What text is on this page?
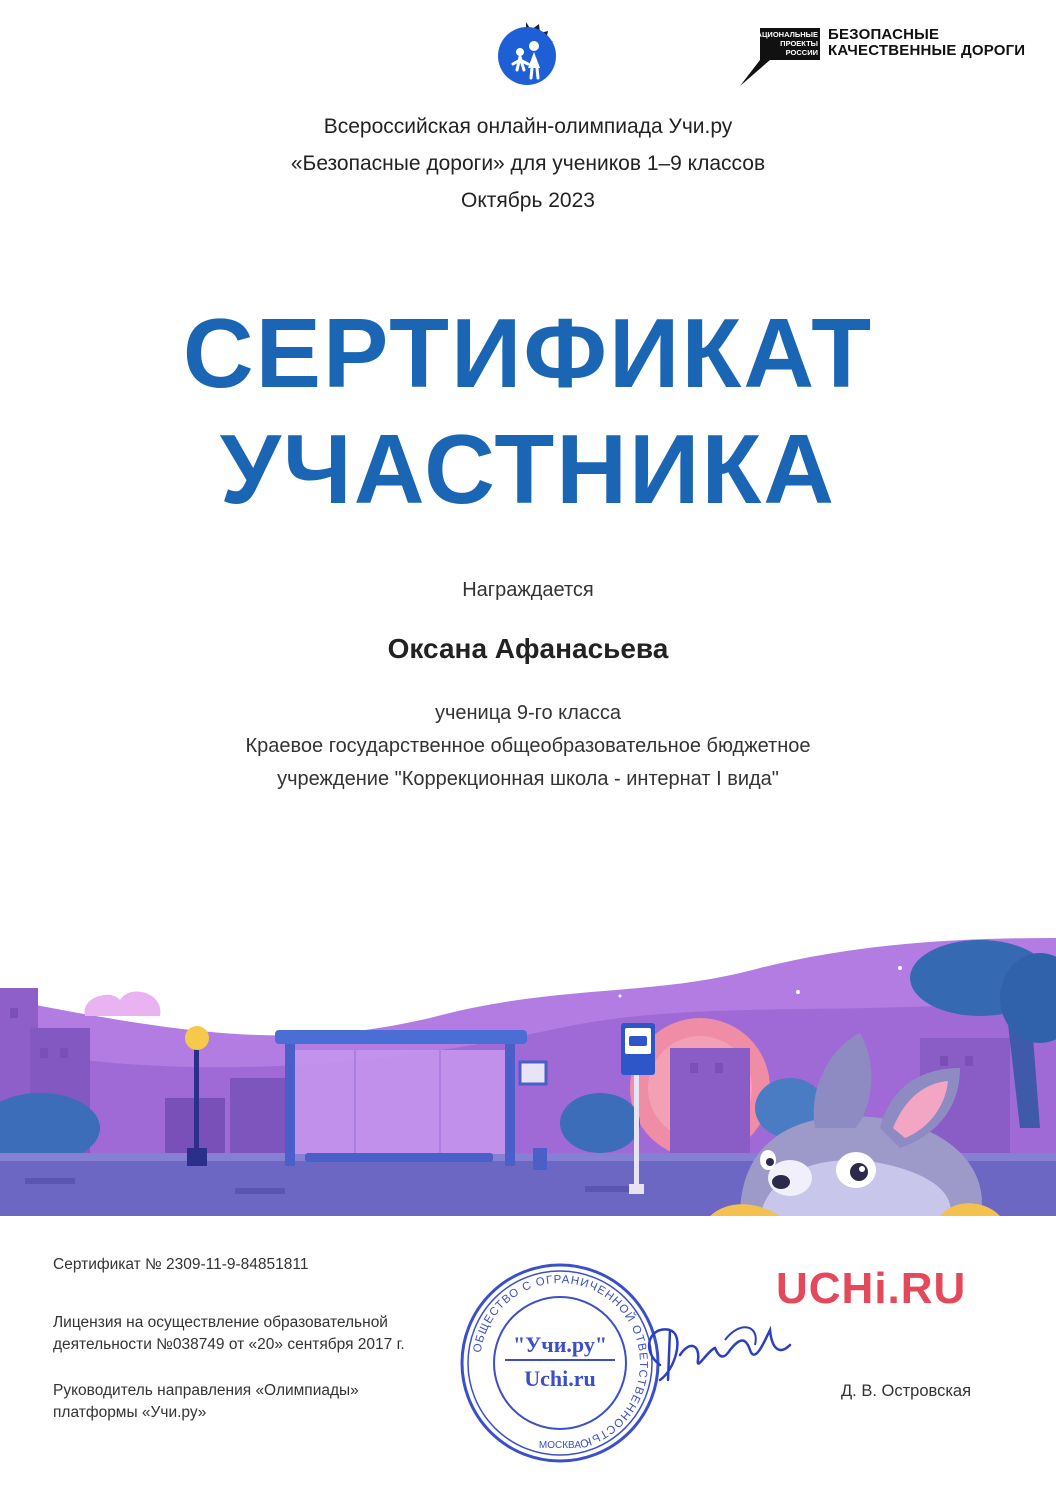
НАЦИОНАЛЬНЫЕ
ПРОЕКТЫ
РОССИИ
БЕЗОПАСНЫЕ
КАЧЕСТВЕННЫЕ ДОРОГИ
Всероссийская онлайн-олимпиада Учи.ру
«Безопасные дороги» для учеников 1–9 классов
Октябрь 2023
СЕРТИФИКАТ
УЧАСТНИКА
Награждается
Оксана Афанасьева
ученица 9-го класса
Краевое государственное общеобразовательное бюджетное
учреждение "Коррекционная школа - интернат I вида"
Сертификат № 2309-11-9-84851811
Лицензия на осуществление образовательной
деятельности №038749 от «20» сентября 2017 г.
Руководитель направления «Олимпиады»
платформы «Учи.ру»
ОБЩЕСТВО С ОГРАНИЧЕННОЙ ОТВЕТСТВЕННОСТЬЮ
МОСКВА
"Учи.ру"
Uchi.ru
UCHi.RU
Д. В. Островская
